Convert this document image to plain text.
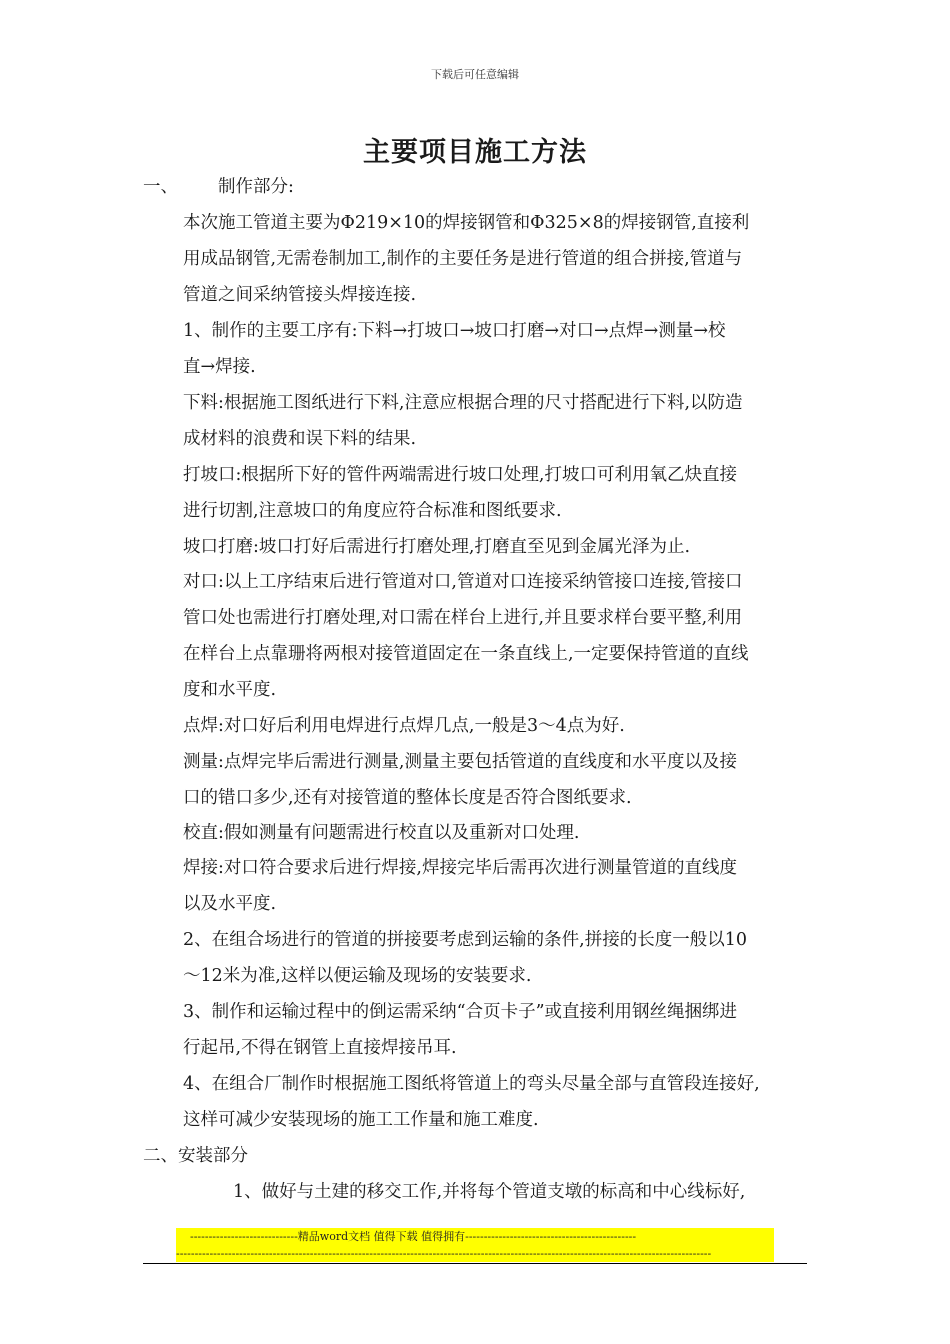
下载后可任意编辑
主要项目施工方法
一、 制作部分:
本次施工管道主要为Φ219×10的焊接钢管和Φ325×8的焊接钢管,直接利
用成品钢管,无需卷制加工,制作的主要任务是进行管道的组合拼接,管道与
管道之间采纳管接头焊接连接.
1、制作的主要工序有:下料→打坡口→坡口打磨→对口→点焊→测量→校
直→焊接.
下料:根据施工图纸进行下料,注意应根据合理的尺寸搭配进行下料,以防造
成材料的浪费和误下料的结果.
打坡口:根据所下好的管件两端需进行坡口处理,打坡口可利用氧乙炔直接
进行切割,注意坡口的角度应符合标准和图纸要求.
坡口打磨:坡口打好后需进行打磨处理,打磨直至见到金属光泽为止.
对口:以上工序结束后进行管道对口,管道对口连接采纳管接口连接,管接口
管口处也需进行打磨处理,对口需在样台上进行,并且要求样台要平整,利用
在样台上点靠珊将两根对接管道固定在一条直线上,一定要保持管道的直线
度和水平度.
点焊:对口好后利用电焊进行点焊几点,一般是3～4点为好.
测量:点焊完毕后需进行测量,测量主要包括管道的直线度和水平度以及接
口的错口多少,还有对接管道的整体长度是否符合图纸要求.
校直:假如测量有问题需进行校直以及重新对口处理.
焊接:对口符合要求后进行焊接,焊接完毕后需再次进行测量管道的直线度
以及水平度.
2、在组合场进行的管道的拼接要考虑到运输的条件,拼接的长度一般以10
～12米为准,这样以便运输及现场的安装要求.
3、制作和运输过程中的倒运需采纳“合页卡子”或直接利用钢丝绳捆绑进
行起吊,不得在钢管上直接焊接吊耳.
4、在组合厂制作时根据施工图纸将管道上的弯头尽量全部与直管段连接好,
这样可减少安装现场的施工工作量和施工难度.
二、安装部分
1、做好与土建的移交工作,并将每个管道支墩的标高和中心线标好,
-----------------------------精品word文档 值得下载 值得拥有----------------------------------------------
------------------------------------------------------------------------------------------------------------------------------------------------
